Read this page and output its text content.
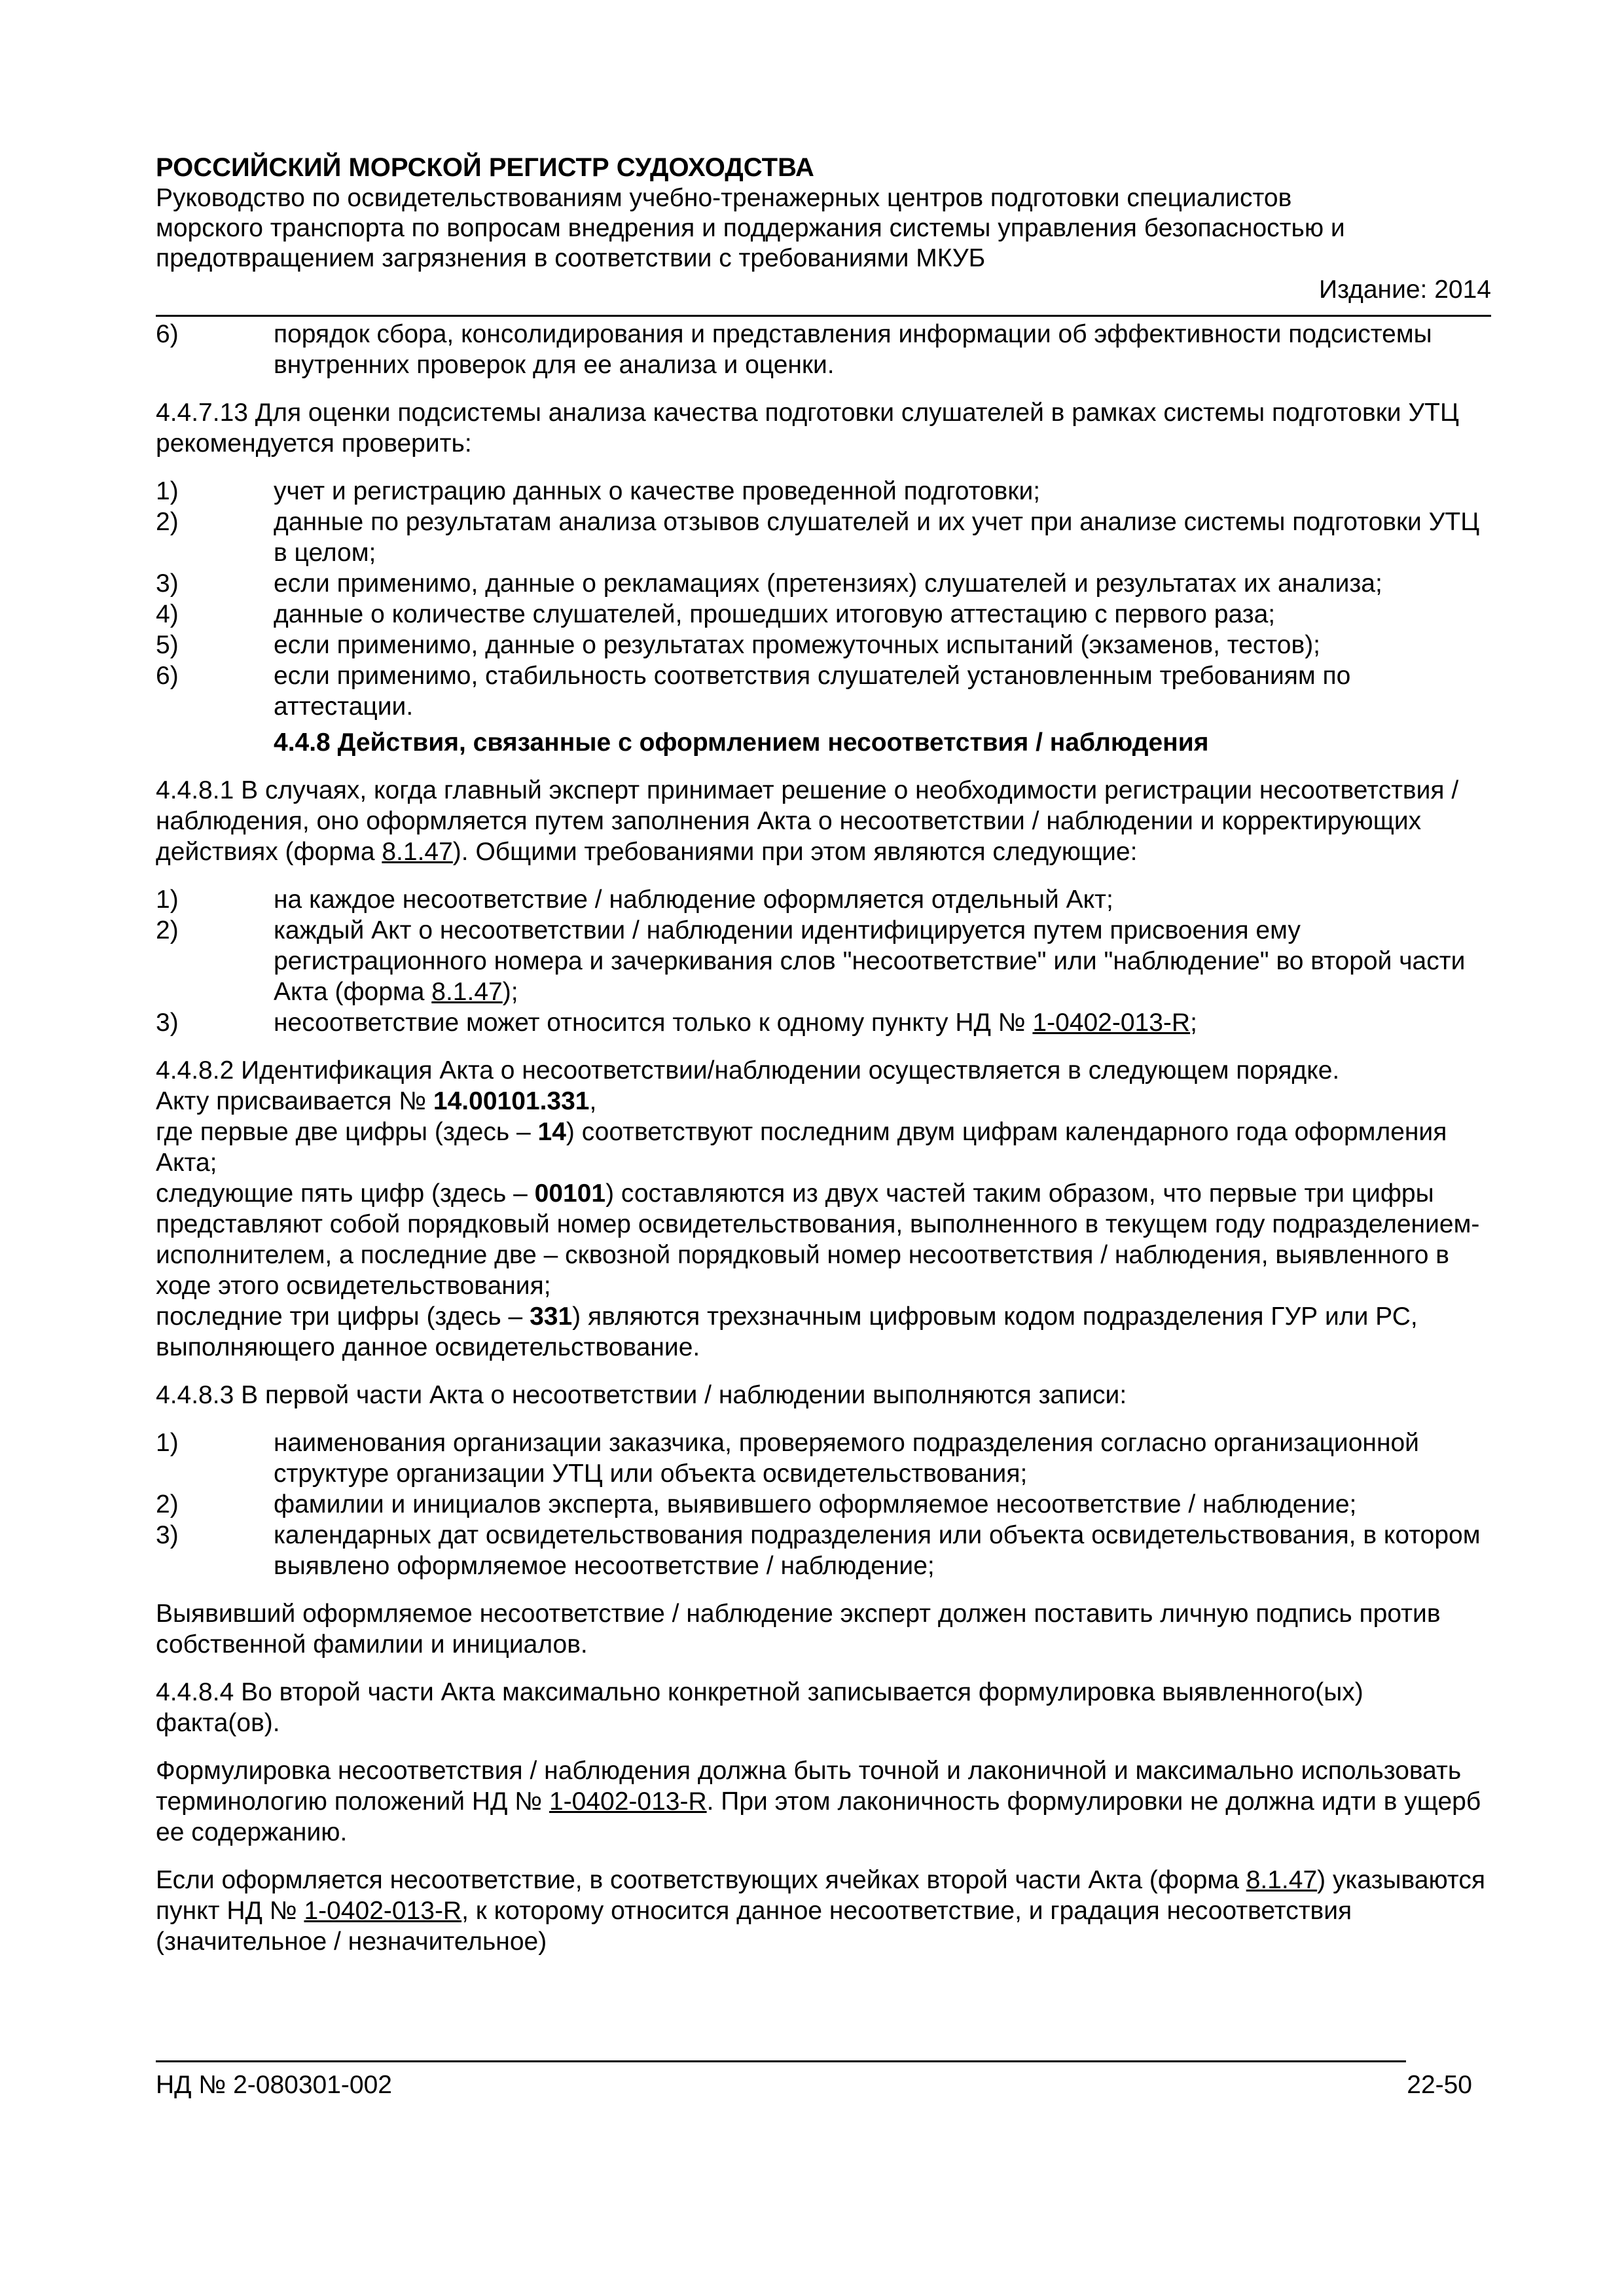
РОССИЙСКИЙ МОРСКОЙ РЕГИСТР СУДОХОДСТВА

Руководство по освидетельствованиям учебно-тренажерных центров подготовки специалистов

морского транспорта по вопросам внедрения и поддержания системы управления безопасностью и

предотвращением загрязнения в соответствии с требованиями МКУБ

Издание: 2014
6)	порядок сбора, консолидирования и представления информации об эффективности подсистемы внутренних проверок для ее анализа и оценки.

4.4.7.13 Для оценки подсистемы анализа качества подготовки слушателей в рамках системы подготовки УТЦ рекомендуется проверить:

1)	учет и регистрацию данных о качестве проведенной подготовки;
2)	данные по результатам анализа отзывов слушателей и их учет при анализе системы подготовки УТЦ в целом;
3)	если применимо, данные о рекламациях (претензиях) слушателей и результатах их анализа;
4)	данные о количестве слушателей, прошедших итоговую аттестацию с первого раза;
5)	если применимо, данные о результатах промежуточных испытаний (экзаменов, тестов);
6)	если применимо, стабильность соответствия слушателей установленным требованиям по аттестации.
4.4.8 Действия, связанные с оформлением несоответствия / наблюдения

4.4.8.1 В случаях, когда главный эксперт принимает решение о необходимости регистрации несоответствия / наблюдения, оно оформляется путем заполнения Акта о несоответствии / наблюдении и корректирующих действиях (форма 8.1.47). Общими требованиями при этом являются следующие:

1)	на каждое несоответствие / наблюдение оформляется отдельный Акт;
2)	каждый Акт о несоответствии / наблюдении идентифицируется путем присвоения ему регистрационного номера и зачеркивания слов "несоответствие" или "наблюдение" во второй части Акта (форма 8.1.47);
3)	несоответствие может относится только к одному пункту НД № 1-0402-013-R;

4.4.8.2 Идентификация Акта о несоответствии/наблюдении осуществляется в следующем порядке.

Акту присваивается № 14.00101.331,

где первые две цифры (здесь – 14) соответствуют последним двум цифрам календарного года оформления Акта;

следующие пять цифр (здесь – 00101) составляются из двух частей таким образом, что первые три цифры представляют собой порядковый номер освидетельствования, выполненного в текущем году подразделением-исполнителем, а последние две – сквозной порядковый номер несоответствия / наблюдения, выявленного в ходе этого освидетельствования;

последние три цифры (здесь – 331) являются трехзначным цифровым кодом подразделения ГУР или РС, выполняющего данное освидетельствование.

4.4.8.3 В первой части Акта о несоответствии / наблюдении выполняются записи:

1)	наименования организации заказчика, проверяемого подразделения согласно организационной структуре организации УТЦ или объекта освидетельствования;
2)	фамилии и инициалов эксперта, выявившего оформляемое несоответствие / наблюдение;
3)	календарных дат освидетельствования подразделения или объекта освидетельствования, в котором выявлено оформляемое несоответствие / наблюдение;

Выявивший оформляемое несоответствие / наблюдение эксперт должен поставить личную подпись против собственной фамилии и инициалов.

4.4.8.4 Во второй части Акта максимально конкретной записывается формулировка выявленного(ых) факта(ов).

Формулировка несоответствия / наблюдения должна быть точной и лаконичной и максимально использовать терминологию положений НД № 1-0402-013-R. При этом лаконичность формулировки не должна идти в ущерб ее содержанию.

Если оформляется несоответствие, в соответствующих ячейках второй части Акта (форма 8.1.47) указываются пункт НД № 1-0402-013-R, к которому относится данное несоответствие, и градация несоответствия (значительное / незначительное)

НД № 2-080301-002	22-50
